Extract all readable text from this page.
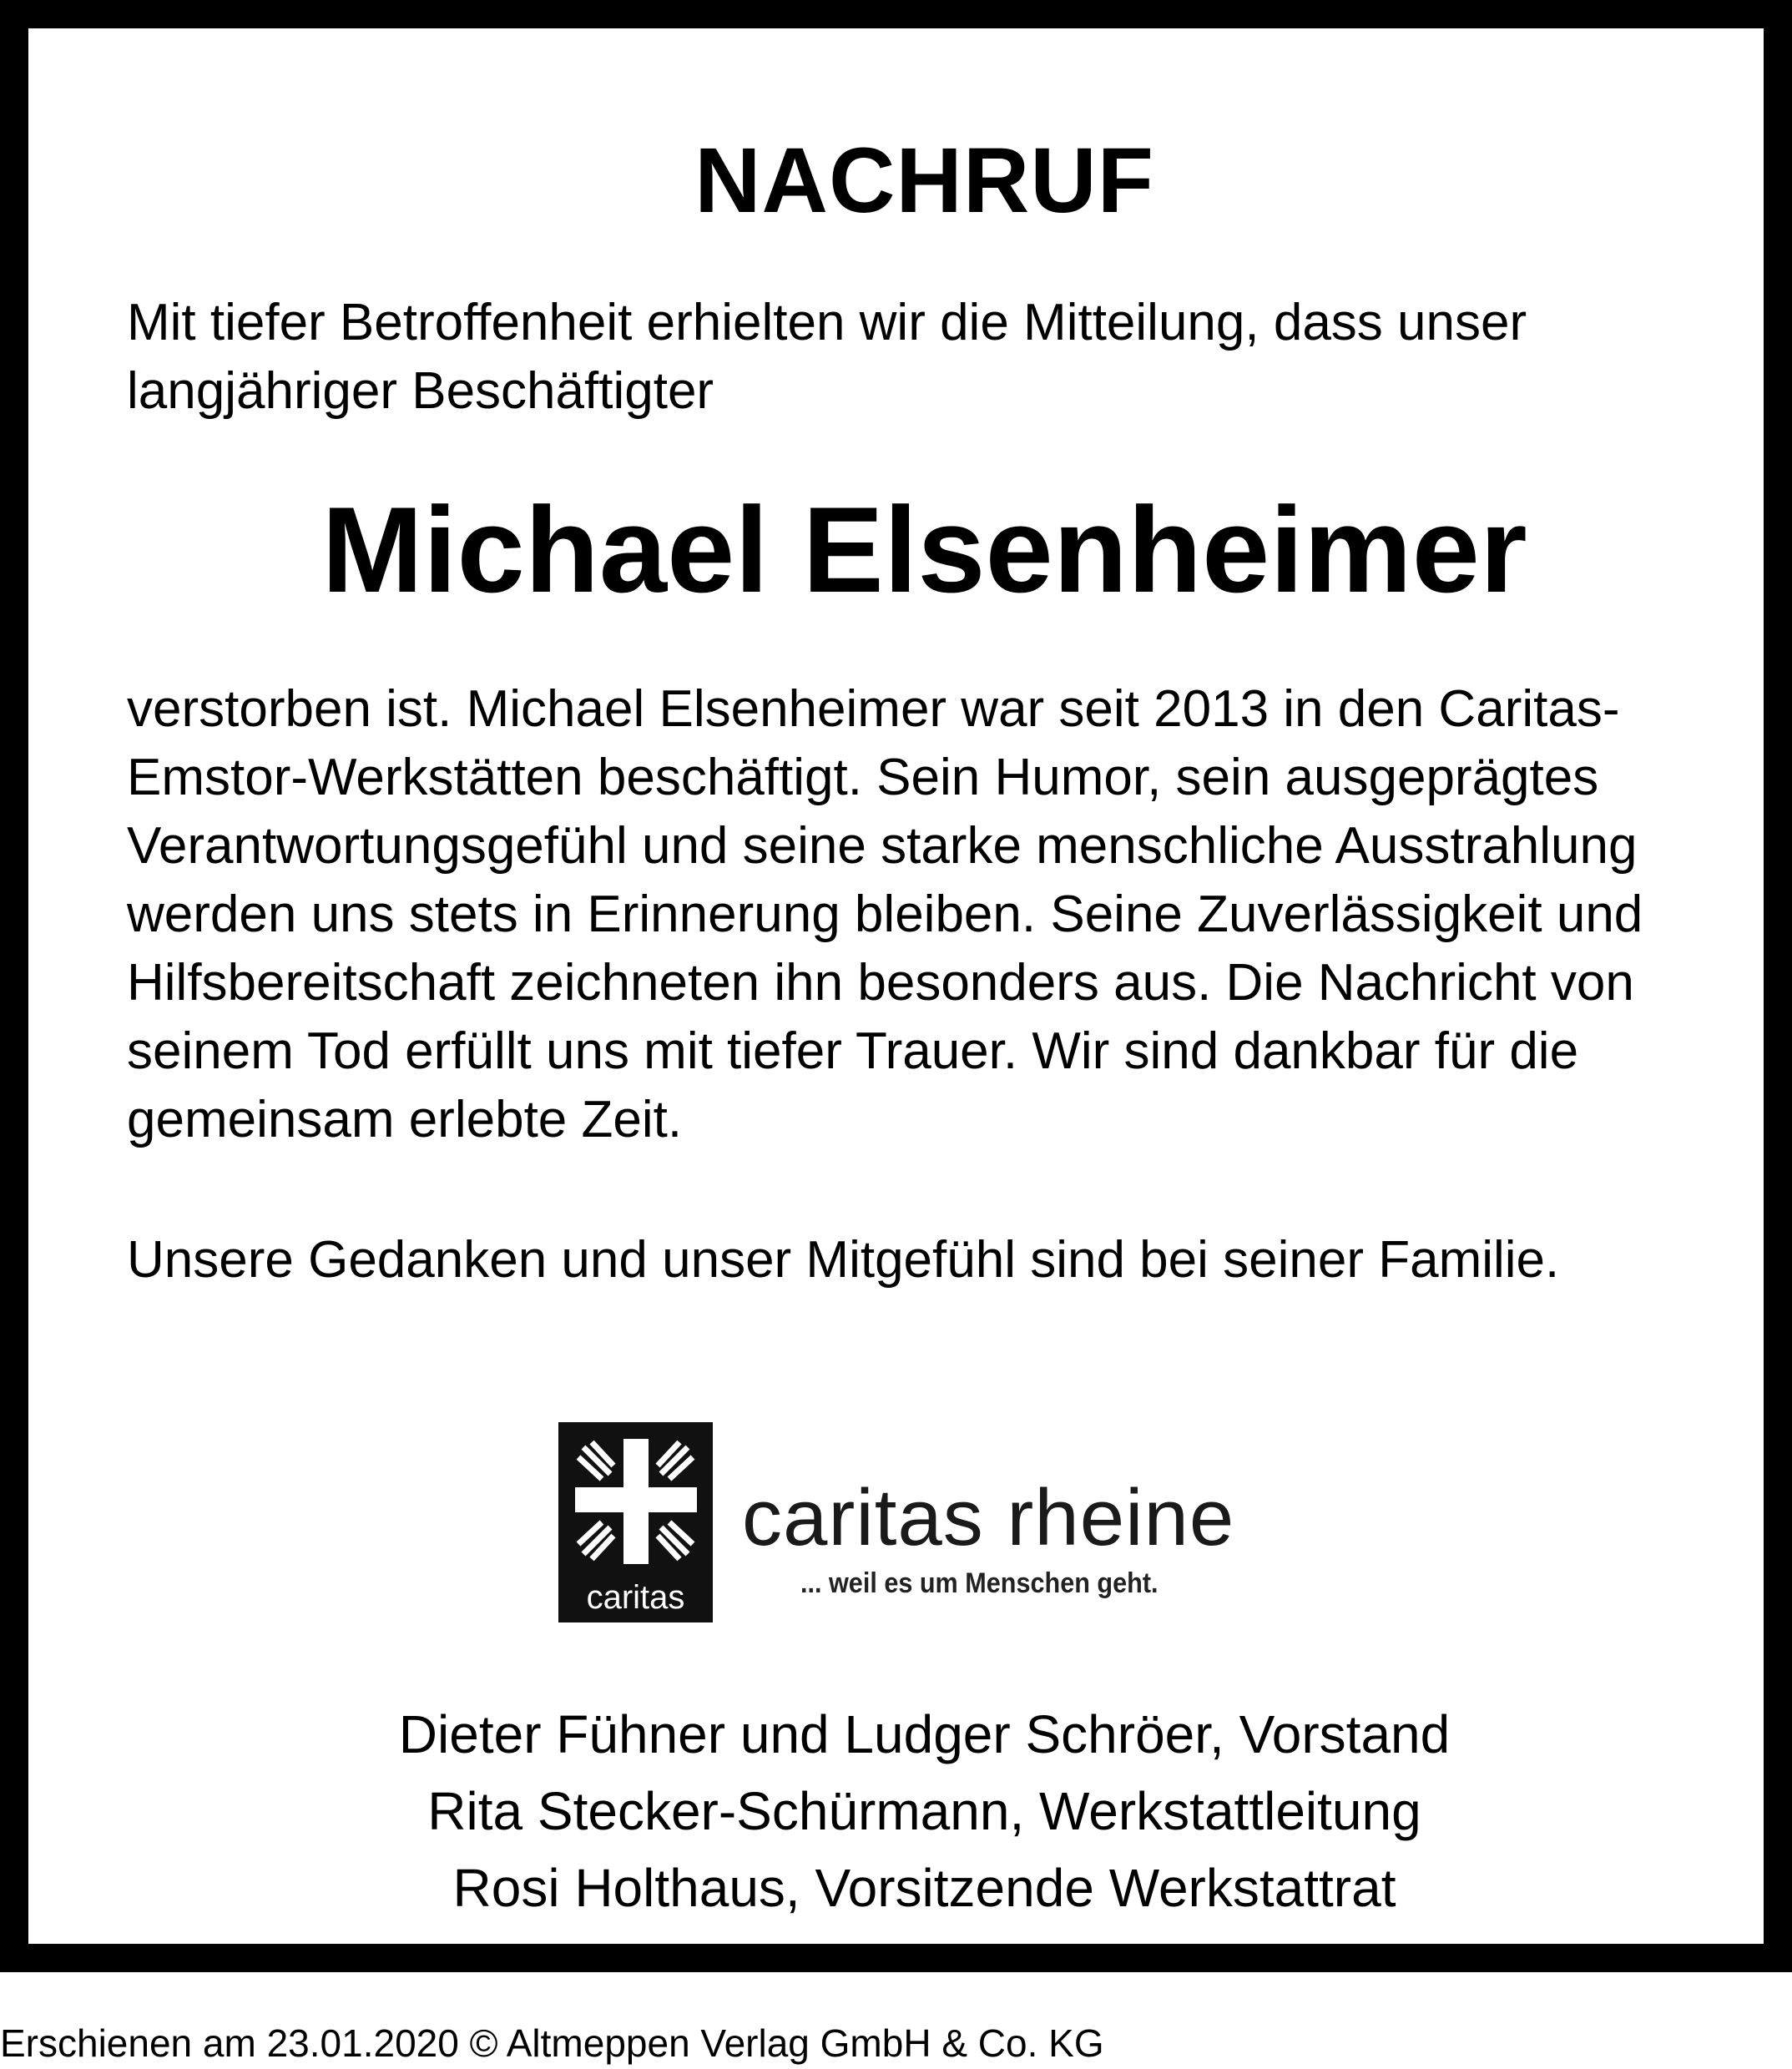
NACHRUF
Mit tiefer Betroffenheit erhielten wir die Mitteilung, dass unser langjähriger Beschäftigter
Michael Elsenheimer
verstorben ist. Michael Elsenheimer war seit 2013 in den Caritas-Emstor-Werkstätten beschäftigt. Sein Humor, sein ausgeprägtes Verantwortungsgefühl und seine starke menschliche Ausstrahlung werden uns stets in Erinnerung bleiben. Seine Zuverlässigkeit und Hilfsbereitschaft zeichneten ihn besonders aus. Die Nachricht von seinem Tod erfüllt uns mit tiefer Trauer. Wir sind dankbar für die gemeinsam erlebte Zeit.
Unsere Gedanken und unser Mitgefühl sind bei seiner Familie.
caritas
caritas rheine
... weil es um Menschen geht.
Dieter Fühner und Ludger Schröer, Vorstand
Rita Stecker-Schürmann, Werkstattleitung
Rosi Holthaus, Vorsitzende Werkstattrat
Erschienen am 23.01.2020 © Altmeppen Verlag GmbH & Co. KG
